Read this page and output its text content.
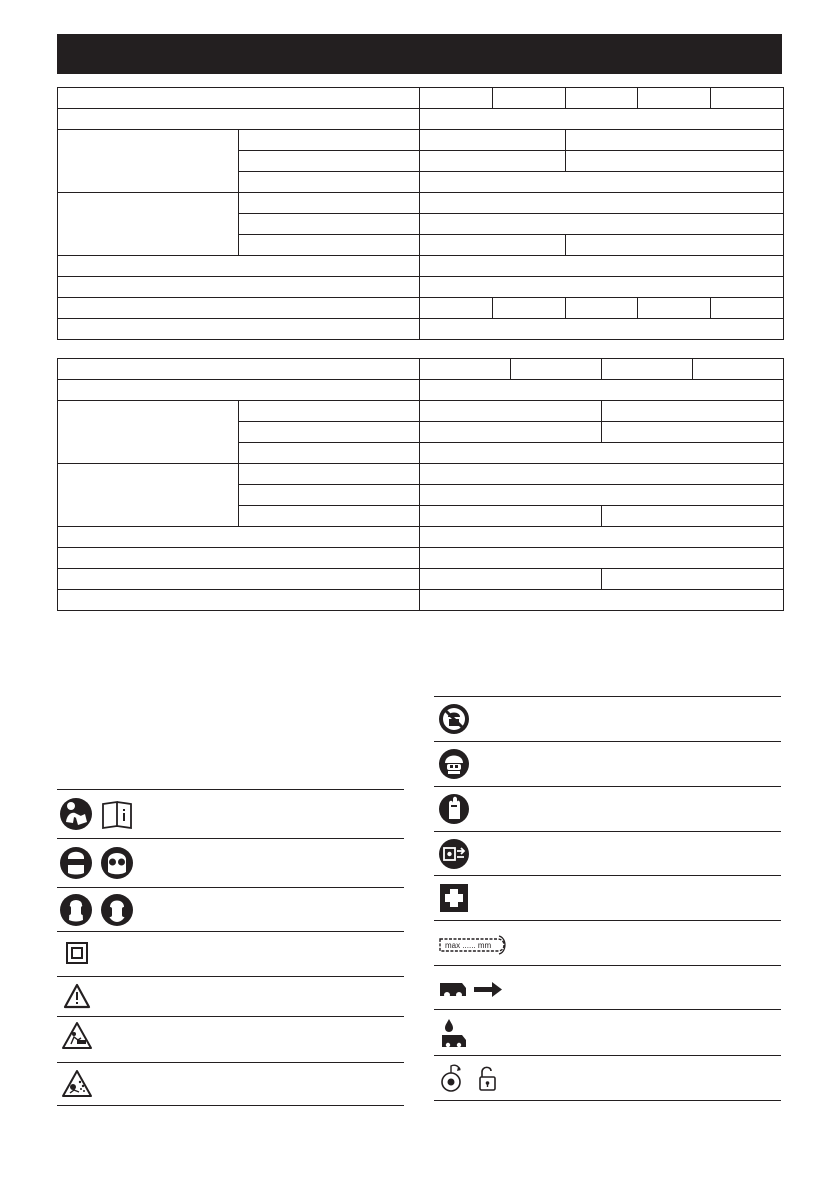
max ...... mm
